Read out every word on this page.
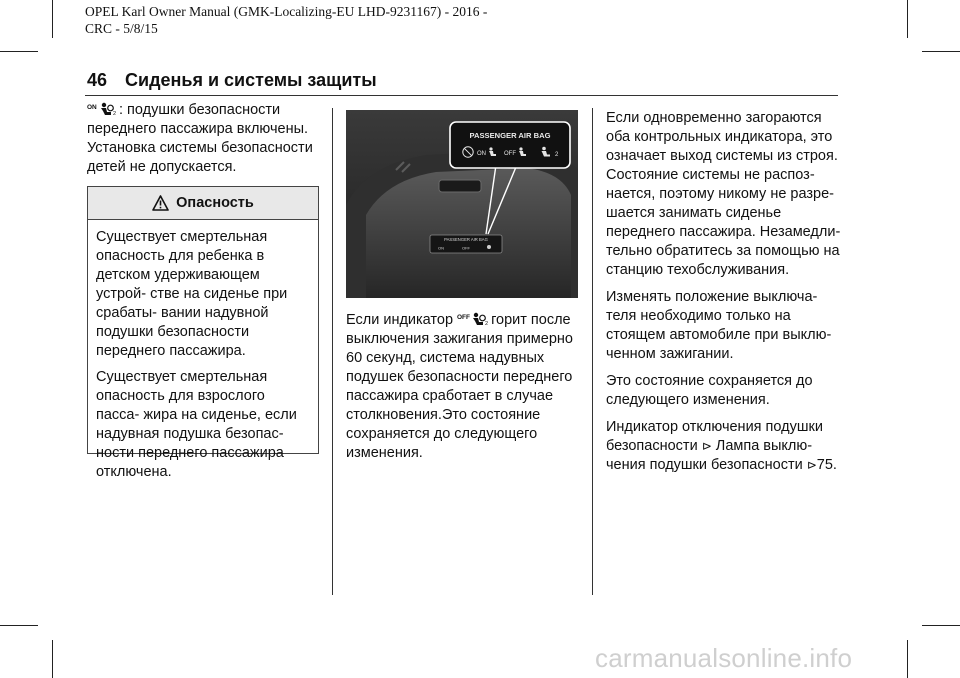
OPEL Karl Owner Manual (GMK-Localizing-EU LHD-9231167) - 2016 -
CRC - 5/8/15
46 Сиденья и системы защиты

ON
2 : подушки безопасности
переднего пассажира включены.
Установка системы безопасности
детей не допускается.

Опасность

Существует смертельная опасность для ребенка в детском удерживающем устрой- стве на сиденье при срабаты- вании надувной подушки безопасности переднего пассажира.

Существует смертельная опасность для взрослого пасса- жира на сиденье, если надувная подушка безопас- ности переднего пассажира отключена.

PASSENGER AIR BAG
ON	OFF
PASSENGER AIR BAG
ON	OFF	2

Если индикатор OFF
2 горит после
выключения зажигания примерно
60 секунд, система надувных
подушек безопасности переднего
пассажира сработает в случае
столкновения.Это состояние
сохраняется до следующего
изменения.

Если одновременно загораются
оба контрольных индикатора, это
означает выход системы из строя.
Состояние системы не распоз-
нается, поэтому никому не разре-
шается занимать сиденье
переднего пассажира. Незамедли-
тельно обратитесь за помощью на
станцию техобслуживания.

Изменять положение выключа-
теля необходимо только на
стоящем автомобиле при выклю-
ченном зажигании.

Это состояние сохраняется до
следующего изменения.

Индикатор отключения подушки
безопасности ⊳ Лампа выклю-
чения подушки безопасности ⊳75.

carmanualsonline.info
